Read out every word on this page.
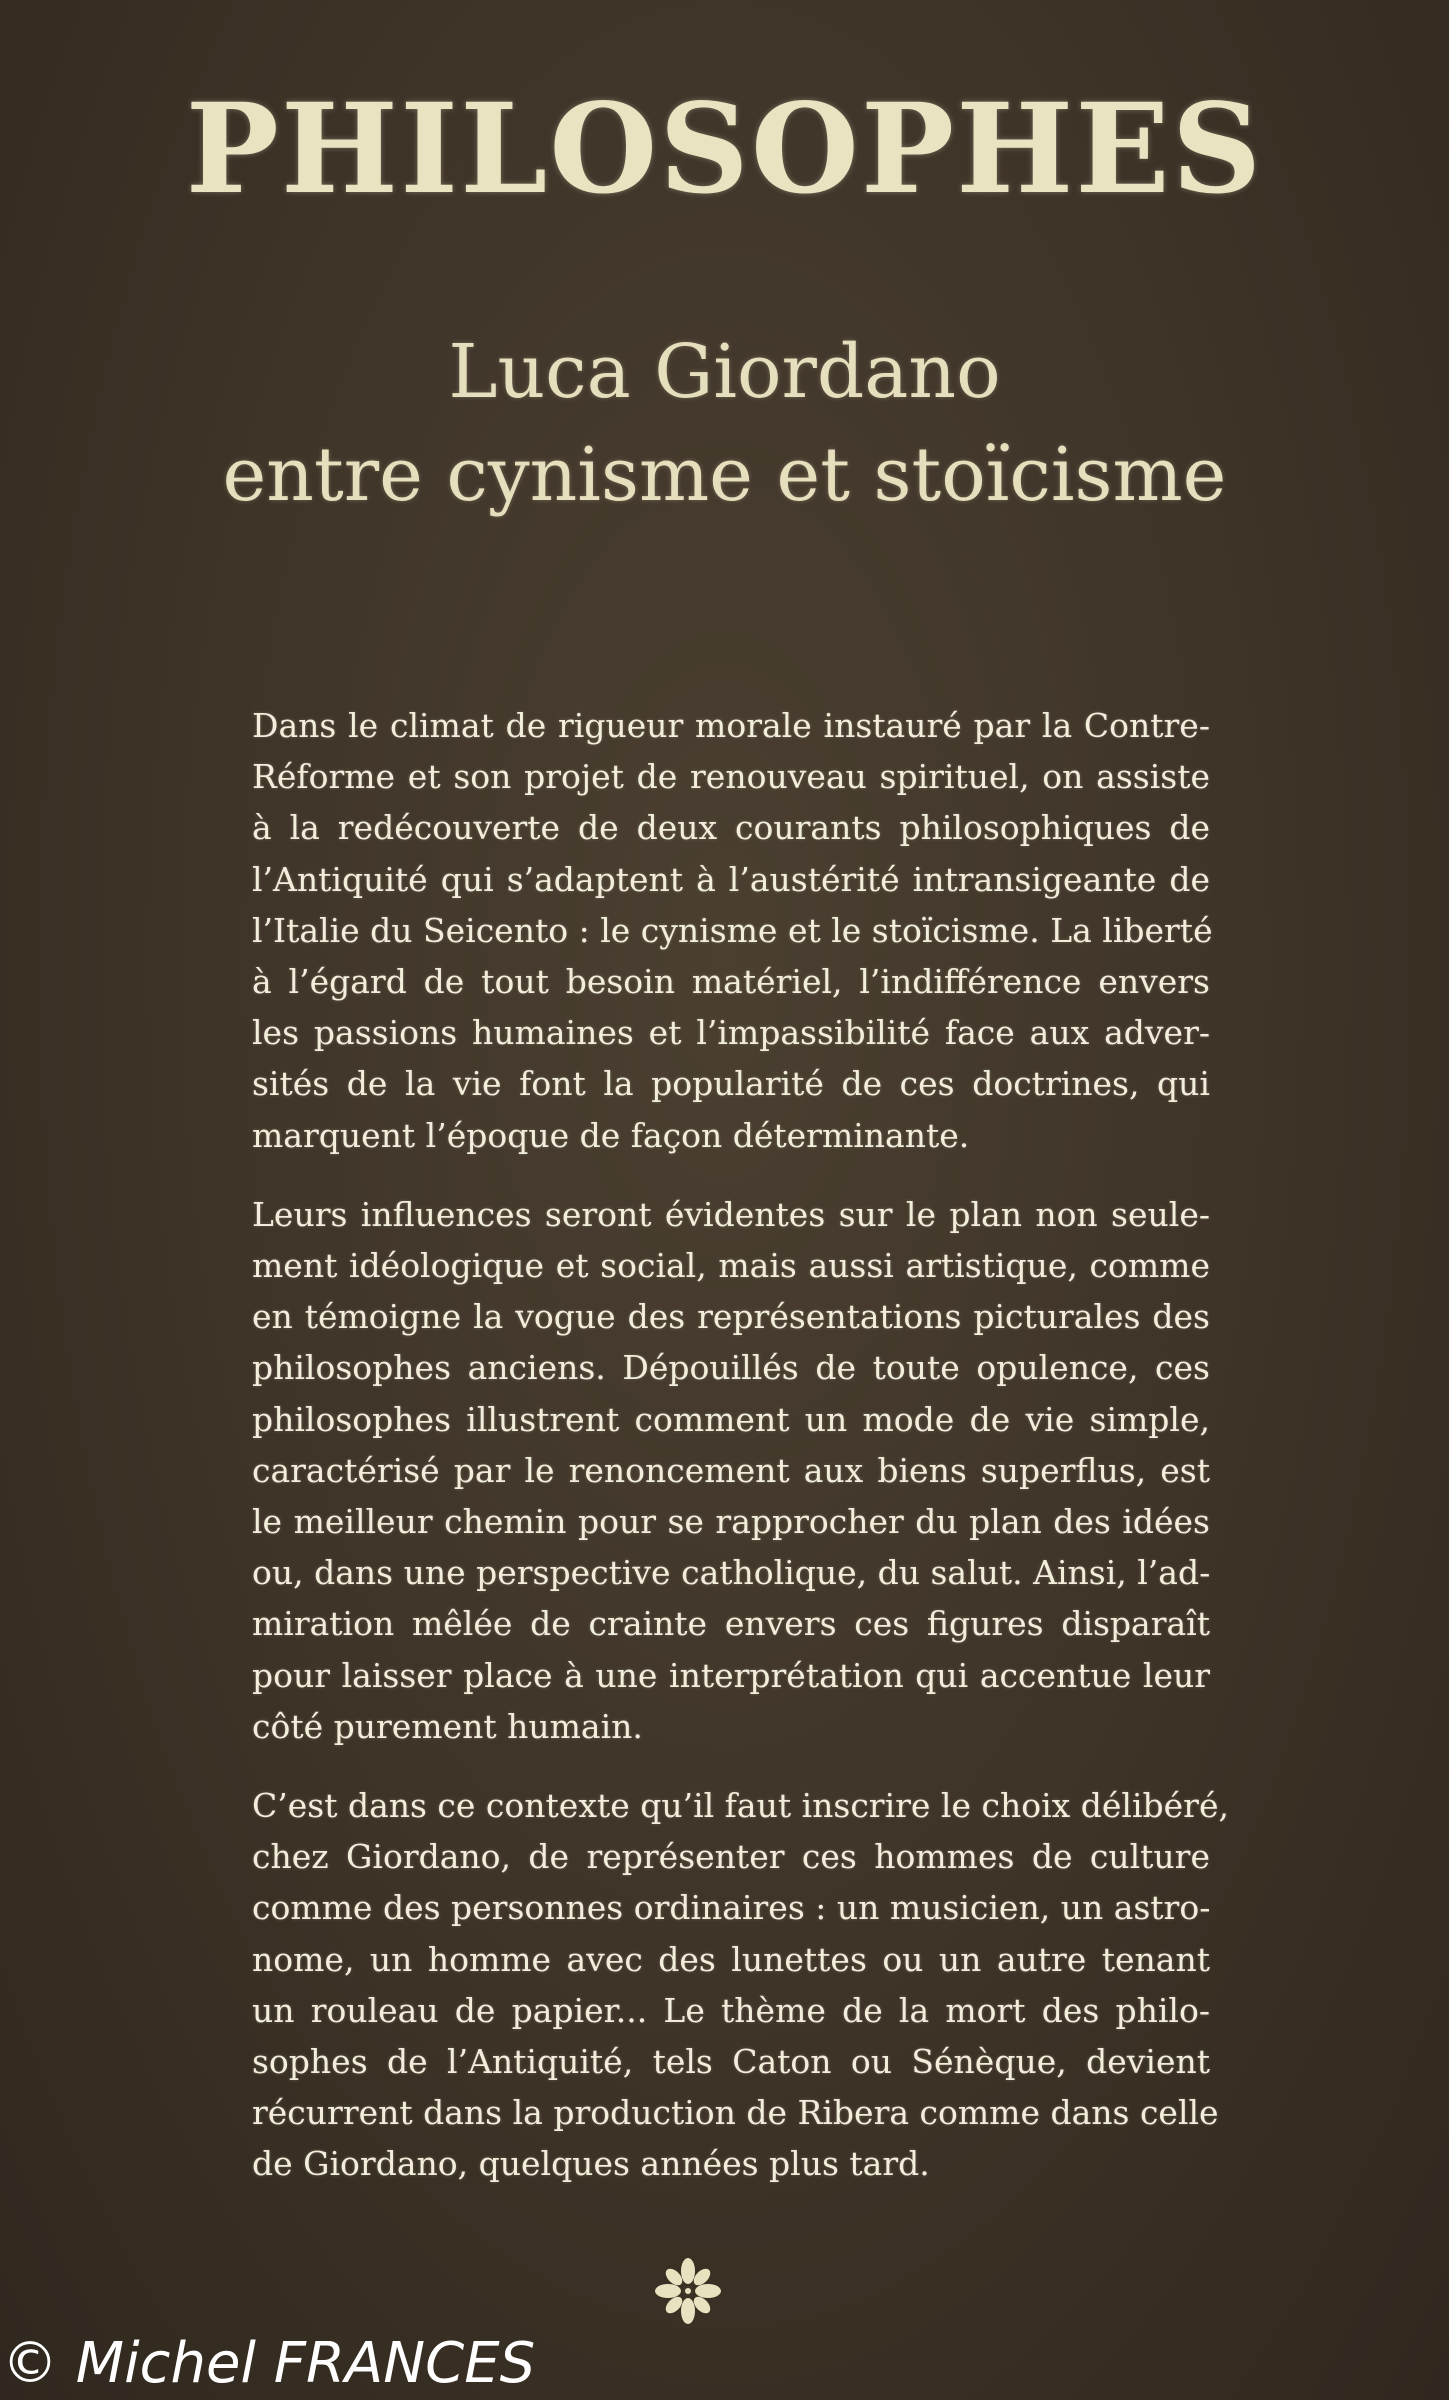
PHILOSOPHES
Luca Giordano
entre cynisme et stoïcisme

Dans le climat de rigueur morale instauré par la Contre-
Réforme et son projet de renouveau spirituel, on assiste
à la redécouverte de deux courants philosophiques de
l’Antiquité qui s’adaptent à l’austérité intransigeante de
l’Italie du Seicento : le cynisme et le stoïcisme. La liberté
à l’égard de tout besoin matériel, l’indifférence envers
les passions humaines et l’impassibilité face aux adver-
sités de la vie font la popularité de ces doctrines, qui
marquent l’époque de façon déterminante.

Leurs influences seront évidentes sur le plan non seule-
ment idéologique et social, mais aussi artistique, comme
en témoigne la vogue des représentations picturales des
philosophes anciens. Dépouillés de toute opulence, ces
philosophes illustrent comment un mode de vie simple,
caractérisé par le renoncement aux biens superflus, est
le meilleur chemin pour se rapprocher du plan des idées
ou, dans une perspective catholique, du salut. Ainsi, l’ad-
miration mêlée de crainte envers ces figures disparaît
pour laisser place à une interprétation qui accentue leur
côté purement humain.

C’est dans ce contexte qu’il faut inscrire le choix délibéré,
chez Giordano, de représenter ces hommes de culture
comme des personnes ordinaires : un musicien, un astro-
nome, un homme avec des lunettes ou un autre tenant
un rouleau de papier... Le thème de la mort des philo-
sophes de l’Antiquité, tels Caton ou Sénèque, devient
récurrent dans la production de Ribera comme dans celle
de Giordano, quelques années plus tard.

© Michel FRANCES
